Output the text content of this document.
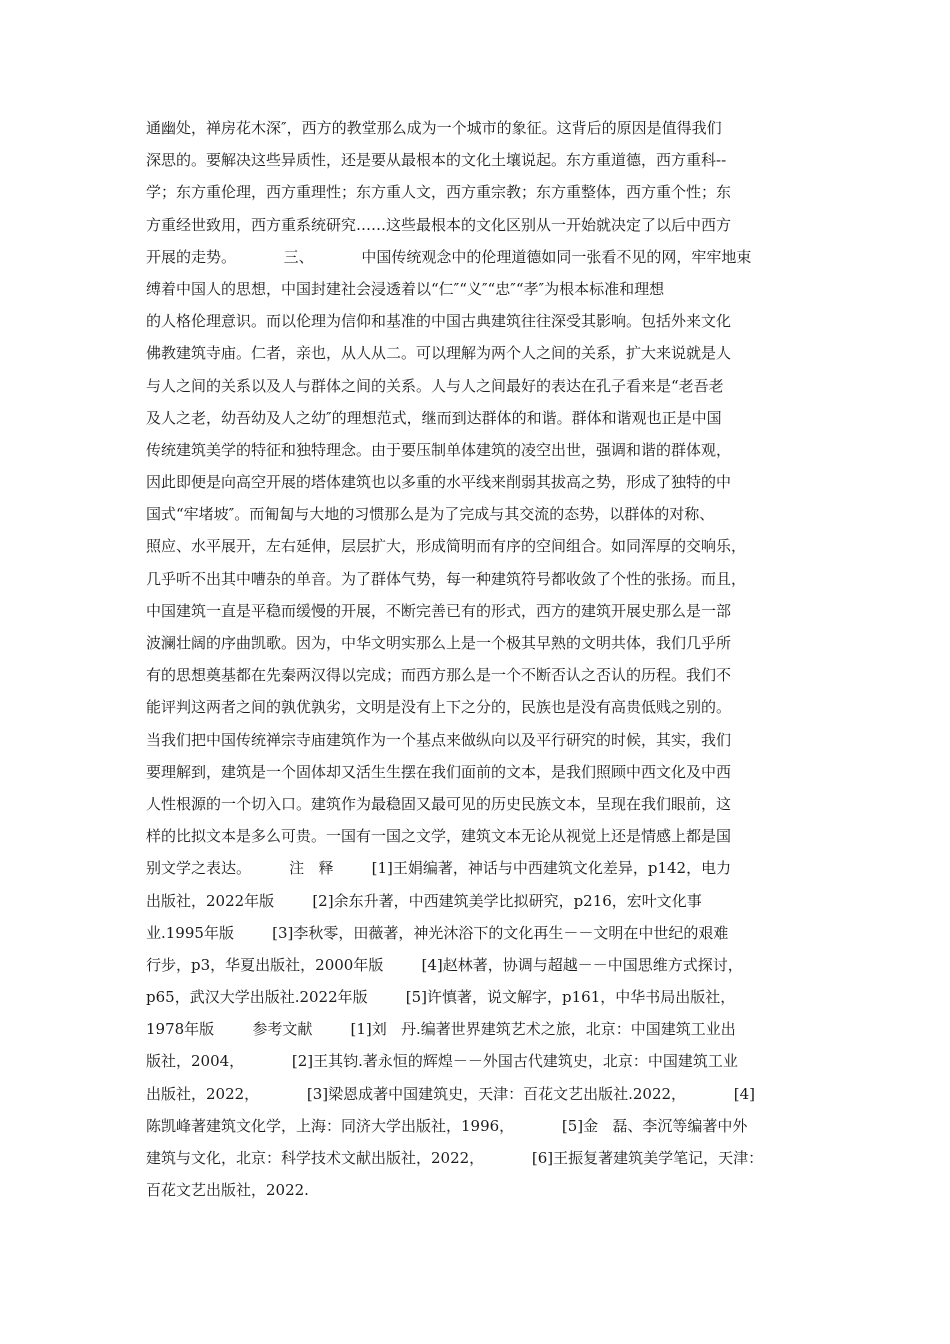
通幽处，禅房花木深″，西方的教堂那么成为一个城市的象征。这背后的原因是值得我们
深思的。要解决这些异质性，还是要从最根本的文化土壤说起。东方重道德，西方重科--
学；东方重伦理，西方重理性；东方重人文，西方重宗教；东方重整体，西方重个性；东
方重经世致用，西方重系统研究……这些最根本的文化区别从一开始就决定了以后中西方
开展的走势。          三、          中国传统观念中的伦理道德如同一张看不见的网，牢牢地束
缚着中国人的思想，中国封建社会浸透着以“仁″“义″“忠″“孝″为根本标准和理想
的人格伦理意识。而以伦理为信仰和基准的中国古典建筑往往深受其影响。包括外来文化
佛教建筑寺庙。仁者，亲也，从人从二。可以理解为两个人之间的关系，扩大来说就是人
与人之间的关系以及人与群体之间的关系。人与人之间最好的表达在孔子看来是“老吾老
及人之老，幼吾幼及人之幼″的理想范式，继而到达群体的和谐。群体和谐观也正是中国
传统建筑美学的特征和独特理念。由于要压制单体建筑的凌空出世，强调和谐的群体观，
因此即便是向高空开展的塔体建筑也以多重的水平线来削弱其拔高之势，形成了独特的中
国式“牢堵坡″。而匍匐与大地的习惯那么是为了完成与其交流的态势，以群体的对称、
照应、水平展开，左右延伸，层层扩大，形成简明而有序的空间组合。如同浑厚的交响乐，
几乎听不出其中嘈杂的单音。为了群体气势，每一种建筑符号都收敛了个性的张扬。而且，
中国建筑一直是平稳而缓慢的开展，不断完善已有的形式，西方的建筑开展史那么是一部
波澜壮阔的序曲凯歌。因为，中华文明实那么上是一个极其早熟的文明共体，我们几乎所
有的思想奠基都在先秦两汉得以完成；而西方那么是一个不断否认之否认的历程。我们不
能评判这两者之间的孰优孰劣，文明是没有上下之分的，民族也是没有高贵低贱之别的。
当我们把中国传统禅宗寺庙建筑作为一个基点来做纵向以及平行研究的时候，其实，我们
要理解到，建筑是一个固体却又活生生摆在我们面前的文本，是我们照顾中西文化及中西
人性根源的一个切入口。建筑作为最稳固又最可见的历史民族文本，呈现在我们眼前，这
样的比拟文本是多么可贵。一国有一国之文学，建筑文本无论从视觉上还是情感上都是国
别文学之表达。        注   释        [1]王娟编著，神话与中西建筑文化差异，p142，电力
出版社，2022年版        [2]余东升著，中西建筑美学比拟研究，p216，宏叶文化事
业.1995年版        [3]李秋零，田薇著，神光沐浴下的文化再生－－文明在中世纪的艰难
行步，p3，华夏出版社，2000年版        [4]赵林著，协调与超越－－中国思维方式探讨，
p65，武汉大学出版社.2022年版        [5]许慎著，说文解字，p161，中华书局出版社，
1978年版        参考文献        [1]刘   丹.编著世界建筑艺术之旅，北京：中国建筑工业出
版社，2004，          [2]王其钧.著永恒的辉煌－－外国古代建筑史，北京：中国建筑工业
出版社，2022，          [3]梁恩成著中国建筑史，天津：百花文艺出版社.2022，          [4]
陈凯峰著建筑文化学，上海：同济大学出版社，1996，          [5]金   磊、李沉等编著中外
建筑与文化，北京：科学技术文献出版社，2022，          [6]王振复著建筑美学笔记，天津：
百花文艺出版社，2022.
